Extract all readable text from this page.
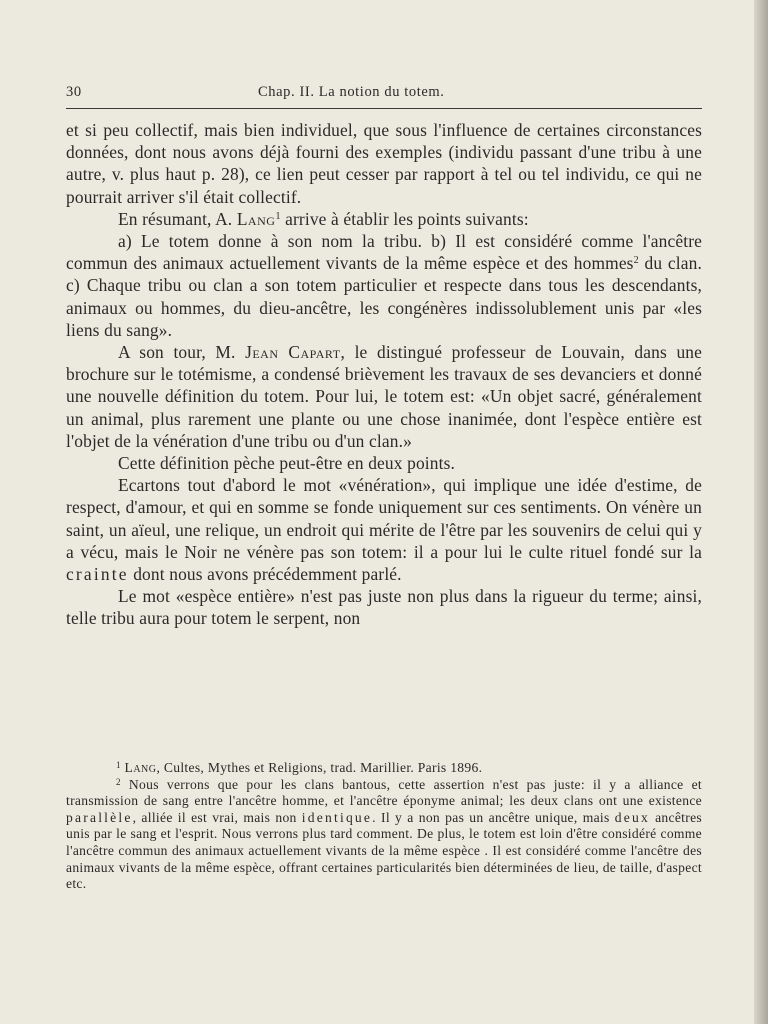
30	Chap. II. La notion du totem.

et si peu collectif, mais bien individuel, que sous l'influence de certaines circonstances données, dont nous avons déjà fourni des exemples (individu passant d'une tribu à une autre, v. plus haut p. 28), ce lien peut cesser par rapport à tel ou tel individu, ce qui ne pourrait arriver s'il était collectif.

En résumant, A. Lang$^1$ arrive à établir les points suivants:

a) Le totem donne à son nom la tribu. b) Il est considéré comme l'ancêtre commun des animaux actuellement vivants de la même espèce et des hommes$^2$ du clan. c) Chaque tribu ou clan a son totem particulier et respecte dans tous les descendants, animaux ou hommes, du dieu-ancêtre, les congénères indissolublement unis par «les liens du sang».

A son tour, M. Jean Capart, le distingué professeur de Louvain, dans une brochure sur le totémisme, a condensé brièvement les travaux de ses devanciers et donné une nouvelle définition du totem. Pour lui, le totem est: «Un objet sacré, généralement un animal, plus rarement une plante ou une chose inanimée, dont l'espèce entière est l'objet de la vénération d'une tribu ou d'un clan.»

Cette définition pèche peut-être en deux points.

Ecartons tout d'abord le mot «vénération», qui implique une idée d'estime, de respect, d'amour, et qui en somme se fonde uniquement sur ces sentiments. On vénère un saint, un aïeul, une relique, un endroit qui mérite de l'être par les souvenirs de celui qui y a vécu, mais le Noir ne vénère pas son totem: il a pour lui le culte rituel fondé sur la crainte dont nous avons précédemment parlé.

Le mot «espèce entière» n'est pas juste non plus dans la rigueur du terme; ainsi, telle tribu aura pour totem le serpent, non

$^1$ Lang, Cultes, Mythes et Religions, trad. Marillier. Paris 1896.

$^2$ Nous verrons que pour les clans bantous, cette assertion n'est pas juste: il y a alliance et transmission de sang entre l'ancêtre homme, et l'ancêtre éponyme animal; les deux clans ont une existence parallèle, alliée il est vrai, mais non identique. Il y a non pas un ancêtre unique, mais deux ancêtres unis par le sang et l'esprit. Nous verrons plus tard comment. De plus, le totem est loin d'être considéré comme l'ancêtre commun des animaux actuellement vivants de la même espèce . Il est considéré comme l'ancêtre des animaux vivants de la même espèce, offrant certaines particularités bien déterminées de lieu, de taille, d'aspect etc.
